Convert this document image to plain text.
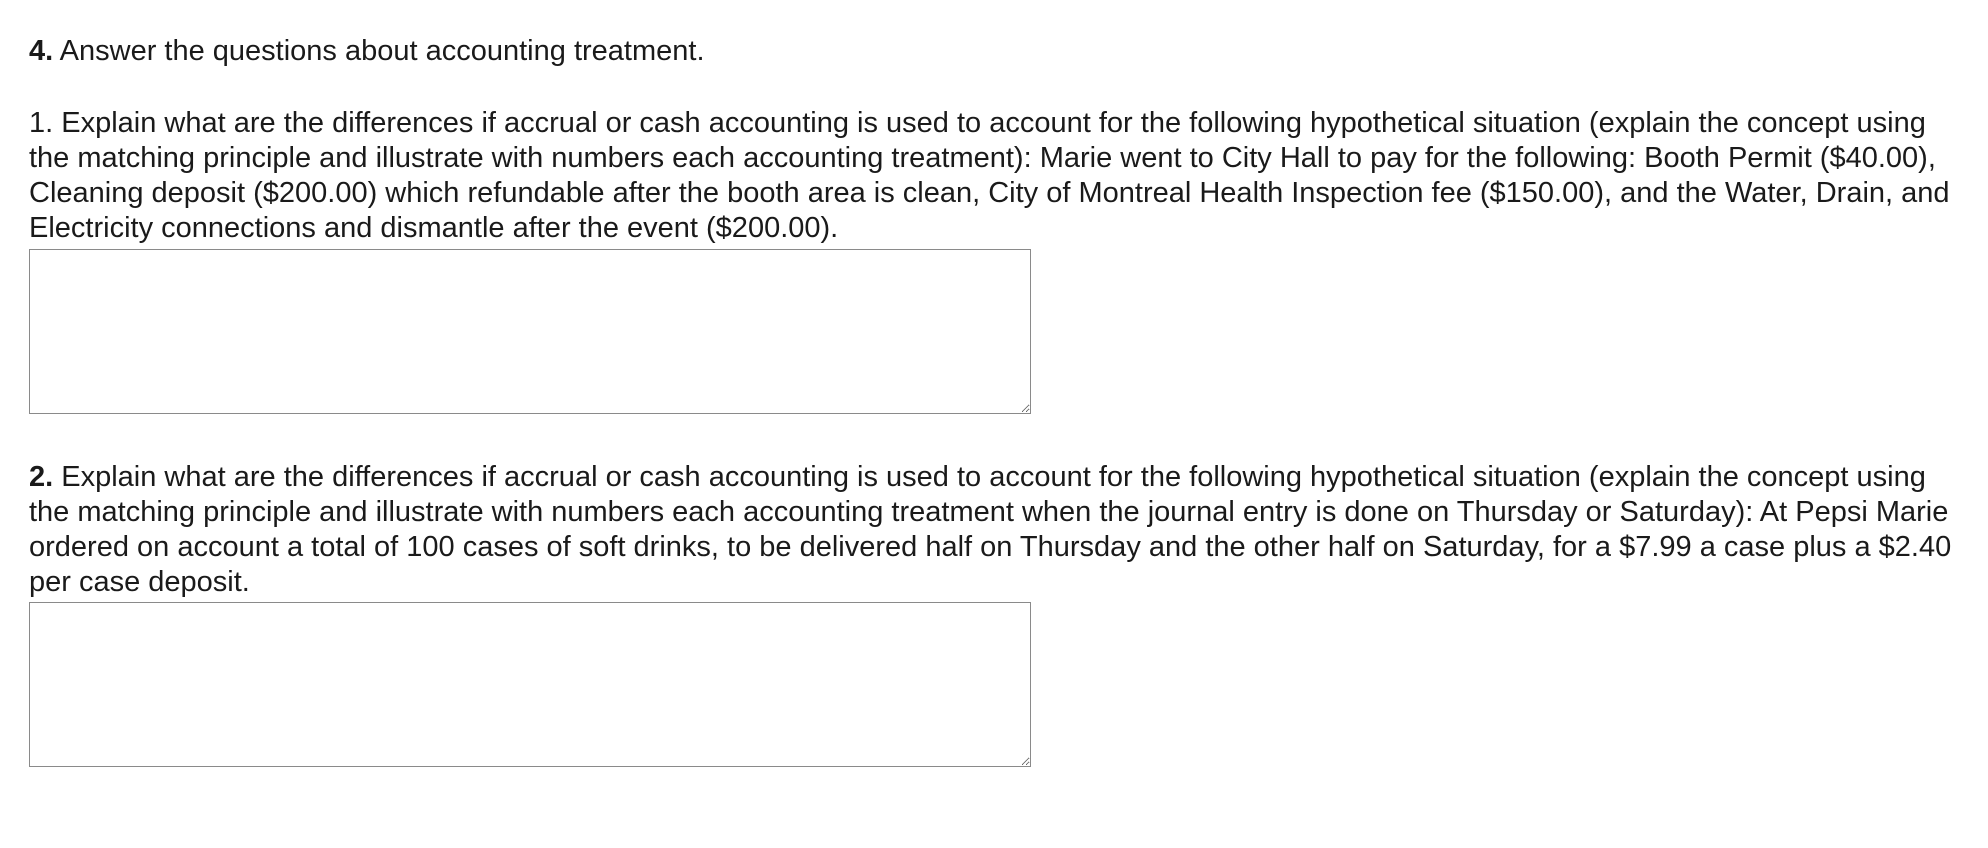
4. Answer the questions about accounting treatment.
1. Explain what are the differences if accrual or cash accounting is used to account for the following hypothetical situation (explain the concept using the matching principle and illustrate with numbers each accounting treatment): Marie went to City Hall to pay for the following: Booth Permit ($40.00), Cleaning deposit ($200.00) which refundable after the booth area is clean, City of Montreal Health Inspection fee ($150.00), and the Water, Drain, and Electricity connections and dismantle after the event ($200.00).
2. Explain what are the differences if accrual or cash accounting is used to account for the following hypothetical situation (explain the concept using the matching principle and illustrate with numbers each accounting treatment when the journal entry is done on Thursday or Saturday): At Pepsi Marie ordered on account a total of 100 cases of soft drinks, to be delivered half on Thursday and the other half on Saturday, for a $7.99 a case plus a $2.40 per case deposit.
